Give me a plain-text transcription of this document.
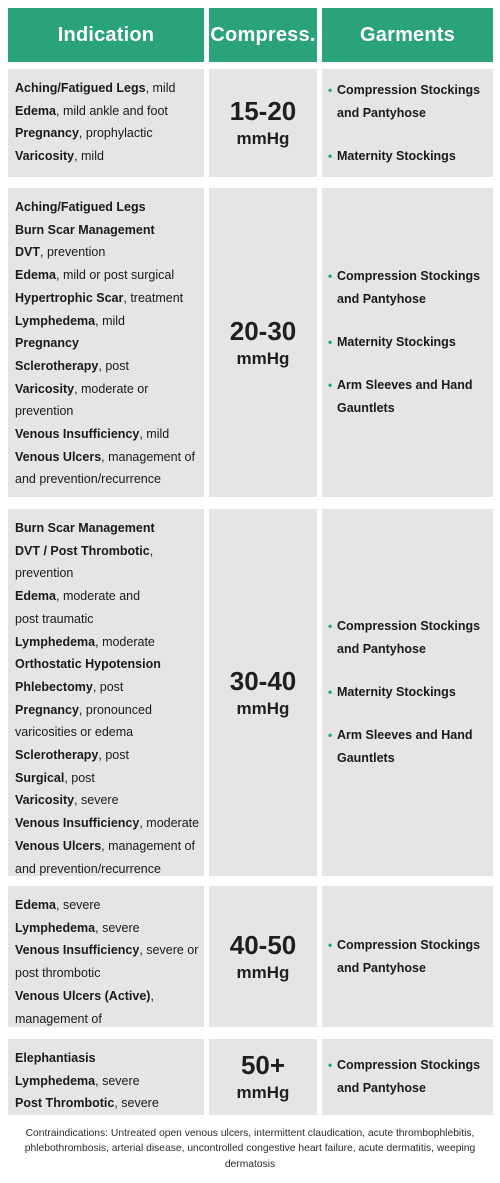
Indication	Compress.	Garments
Aching/Fatigued Legs, mild
Edema, mild ankle and foot
Pregnancy, prophylactic
Varicosity, mild
15-20
mmHg
• Compression Stockings
and Pantyhose
• Maternity Stockings
Aching/Fatigued Legs
Burn Scar Management
DVT, prevention
Edema, mild or post surgical
Hypertrophic Scar, treatment
Lymphedema, mild
Pregnancy
Sclerotherapy, post
Varicosity, moderate or
prevention
Venous Insufficiency, mild
Venous Ulcers, management of
and prevention/recurrence
20-30
mmHg
• Compression Stockings
and Pantyhose
• Maternity Stockings
• Arm Sleeves and Hand
Gauntlets
Burn Scar Management
DVT / Post Thrombotic,
prevention
Edema, moderate and
post traumatic
Lymphedema, moderate
Orthostatic Hypotension
Phlebectomy, post
Pregnancy, pronounced
varicosities or edema
Sclerotherapy, post
Surgical, post
Varicosity, severe
Venous Insufficiency, moderate
Venous Ulcers, management of
and prevention/recurrence
30-40
mmHg
• Compression Stockings
and Pantyhose
• Maternity Stockings
• Arm Sleeves and Hand
Gauntlets
Edema, severe
Lymphedema, severe
Venous Insufficiency, severe or
post thrombotic
Venous Ulcers (Active),
management of
40-50
mmHg
• Compression Stockings
and Pantyhose
Elephantiasis
Lymphedema, severe
Post Thrombotic, severe
50+
mmHg
• Compression Stockings
and Pantyhose
Contraindications: Untreated open venous ulcers, intermittent claudication, acute thrombophlebitis, phlebothrombosis, arterial disease, uncontrolled congestive heart failure, acute dermatitis, weeping dermatosis
